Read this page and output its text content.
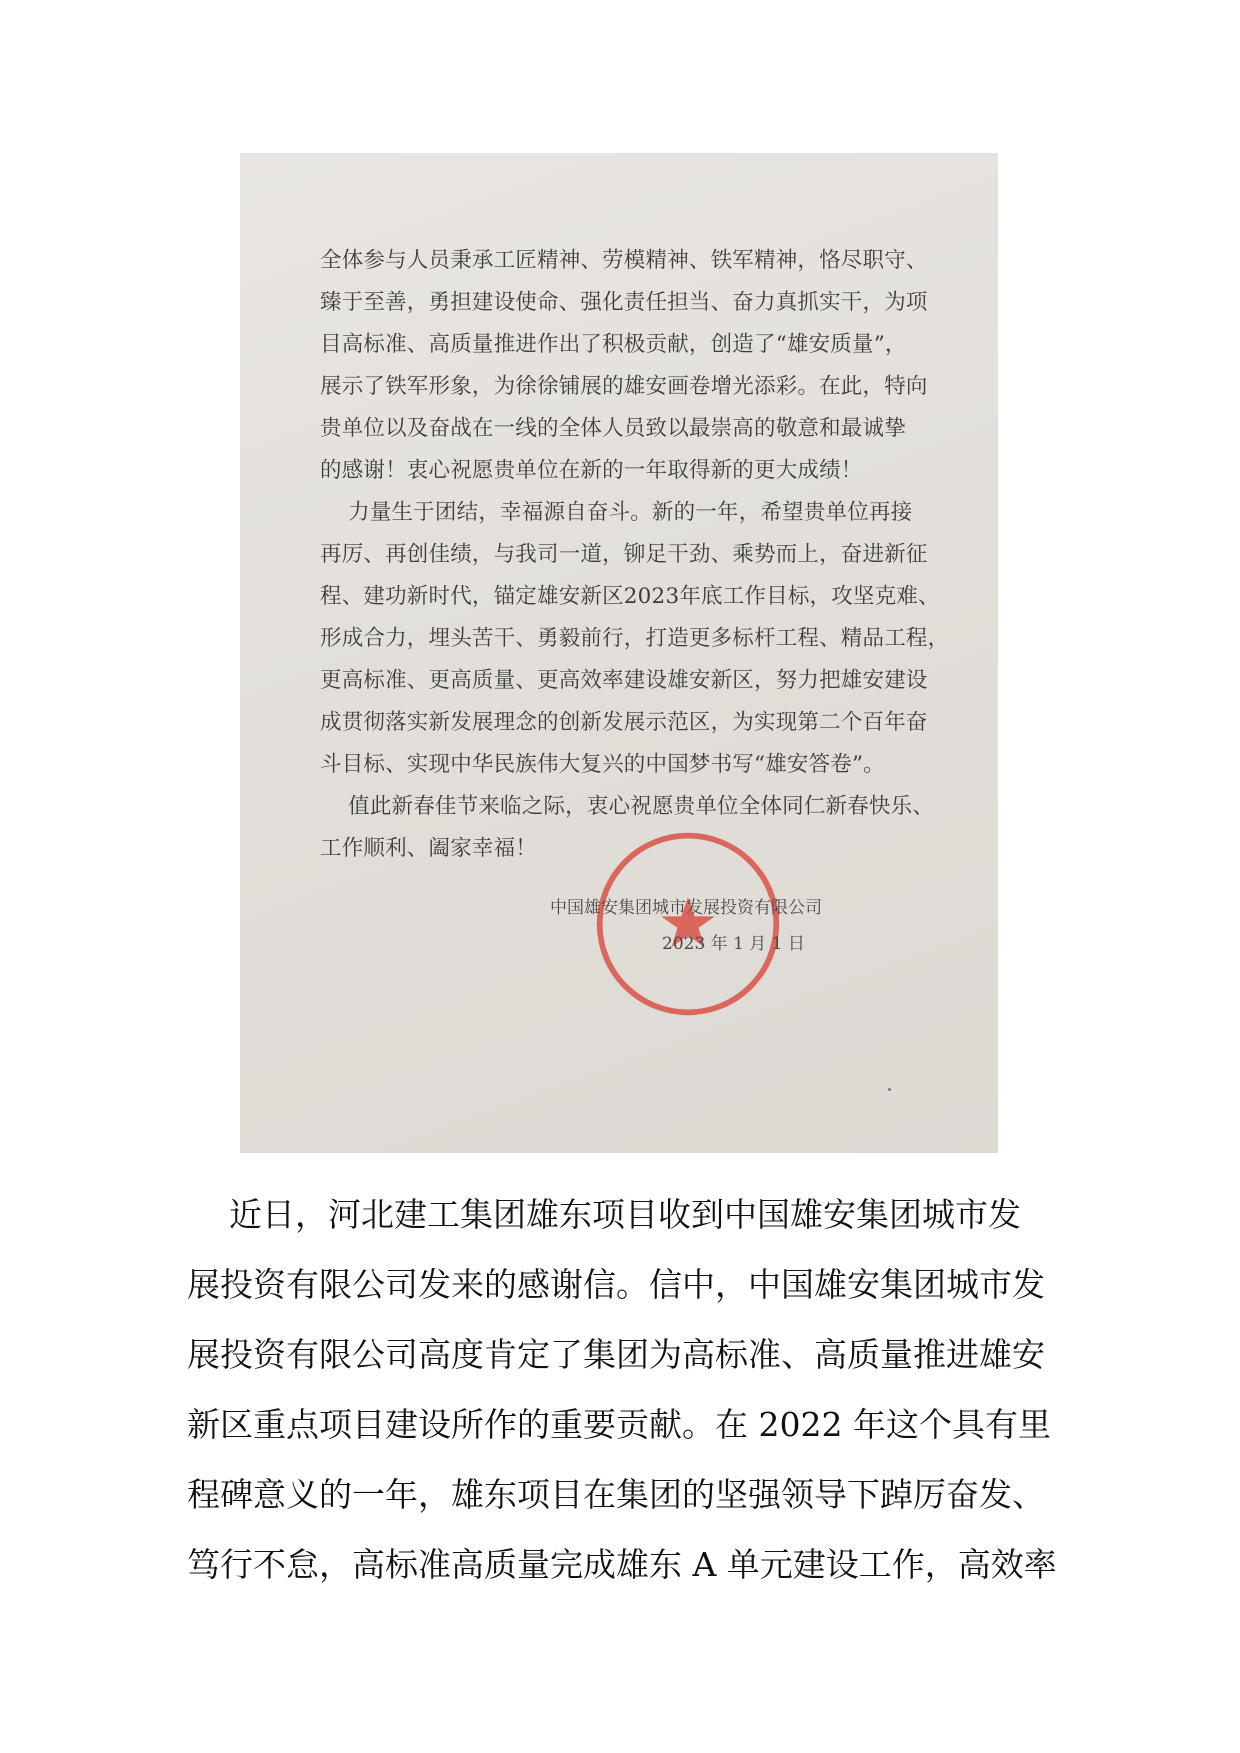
全体参与人员秉承工匠精神、劳模精神、铁军精神，恪尽职守、
臻于至善，勇担建设使命、强化责任担当、奋力真抓实干，为项
目高标准、高质量推进作出了积极贡献，创造了“雄安质量”，
展示了铁军形象，为徐徐铺展的雄安画卷增光添彩。在此，特向
贵单位以及奋战在一线的全体人员致以最崇高的敬意和最诚挚
的感谢！衷心祝愿贵单位在新的一年取得新的更大成绩！
力量生于团结，幸福源自奋斗。新的一年，希望贵单位再接
再厉、再创佳绩，与我司一道，铆足干劲、乘势而上，奋进新征
程、建功新时代，锚定雄安新区2023年底工作目标，攻坚克难、
形成合力，埋头苦干、勇毅前行，打造更多标杆工程、精品工程，
更高标准、更高质量、更高效率建设雄安新区，努力把雄安建设
成贯彻落实新发展理念的创新发展示范区，为实现第二个百年奋
斗目标、实现中华民族伟大复兴的中国梦书写“雄安答卷”。
值此新春佳节来临之际，衷心祝愿贵单位全体同仁新春快乐、
工作顺利、阖家幸福！
中国雄安集团城市发展投资有限公司
2023 年 1 月 1 日
近日，河北建工集团雄东项目收到中国雄安集团城市发
展投资有限公司发来的感谢信。信中，中国雄安集团城市发
展投资有限公司高度肯定了集团为高标准、高质量推进雄安
新区重点项目建设所作的重要贡献。在 2022 年这个具有里
程碑意义的一年，雄东项目在集团的坚强领导下踔厉奋发、
笃行不怠，高标准高质量完成雄东 A 单元建设工作，高效率
